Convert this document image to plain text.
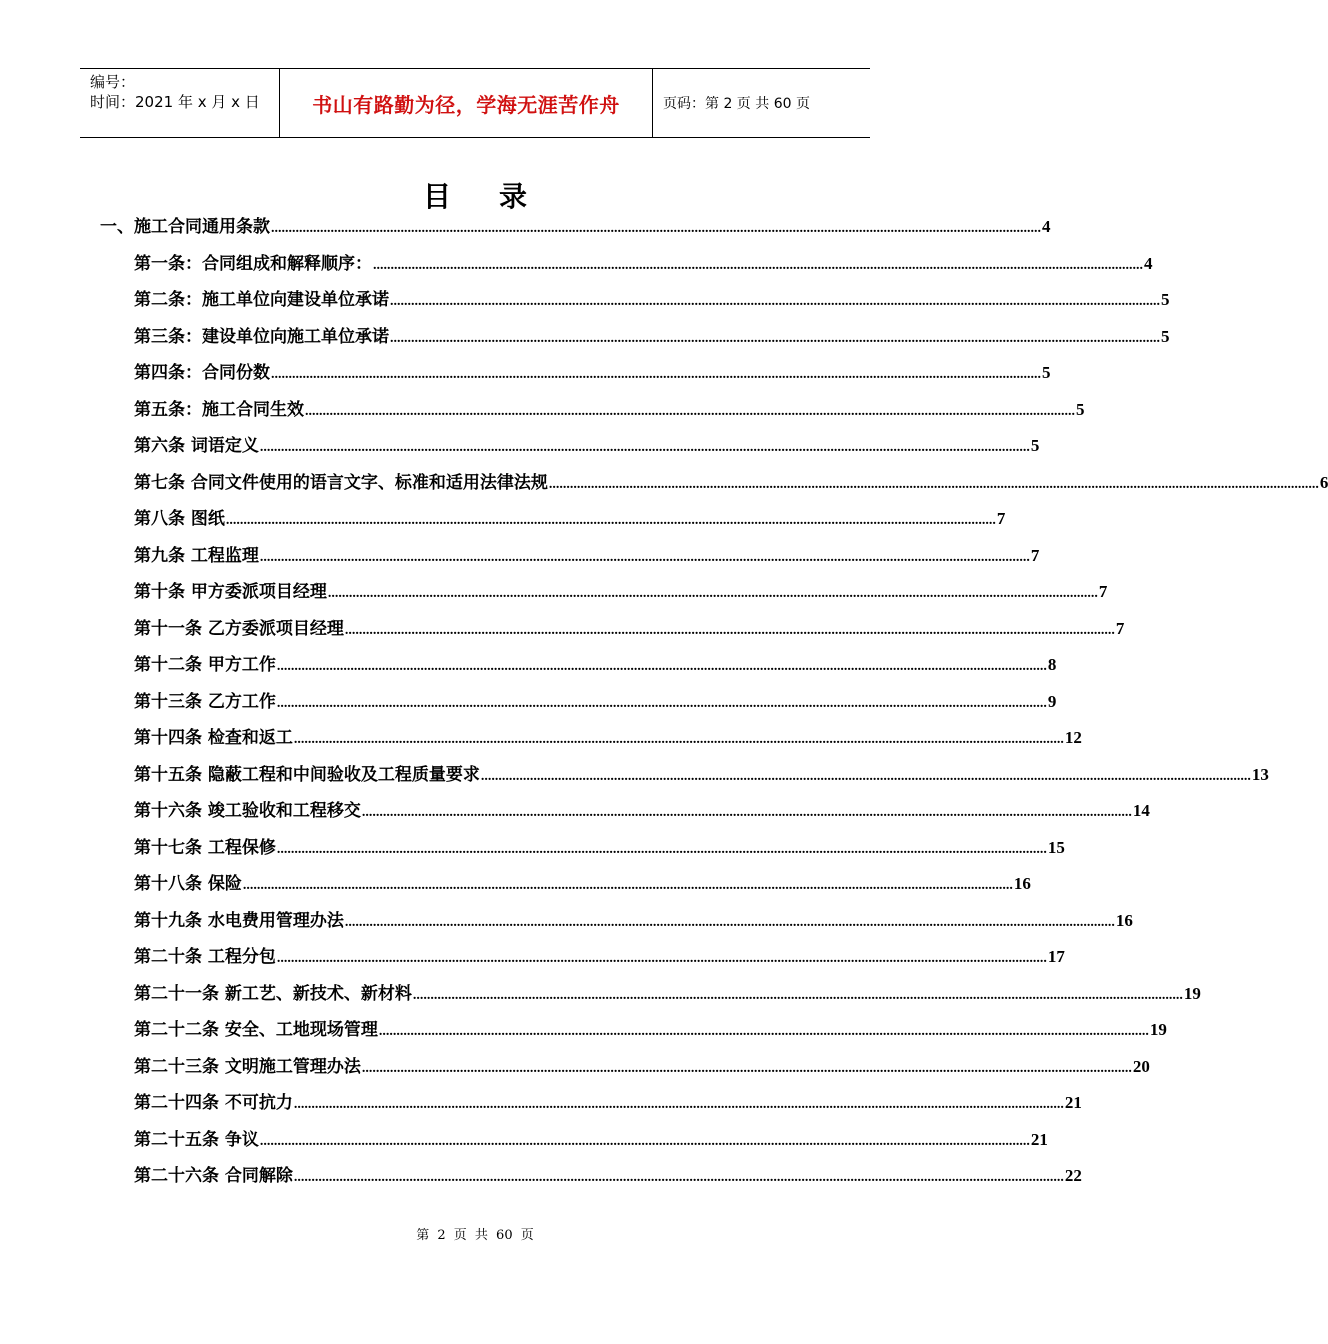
编号：
时间：2021 年 x 月 x 日	书山有路勤为径，学海无涯苦作舟	页码：第 2 页 共 60 页
目录
一、施工合同通用条款 ............................................................................................................................................................................................................................ 4
第一条：合同组成和解释顺序： ............................................................................................................................................................................................................................ 4
第二条：施工单位向建设单位承诺 ............................................................................................................................................................................................................................ 5
第三条：建设单位向施工单位承诺 ............................................................................................................................................................................................................................ 5
第四条：合同份数 ............................................................................................................................................................................................................................ 5
第五条：施工合同生效 ............................................................................................................................................................................................................................ 5
第六条 词语定义 ............................................................................................................................................................................................................................ 5
第七条 合同文件使用的语言文字、标准和适用法律法规 ............................................................................................................................................................................................................................ 6
第八条 图纸 ............................................................................................................................................................................................................................ 7
第九条 工程监理 ............................................................................................................................................................................................................................ 7
第十条 甲方委派项目经理 ............................................................................................................................................................................................................................ 7
第十一条 乙方委派项目经理 ............................................................................................................................................................................................................................ 7
第十二条 甲方工作 ............................................................................................................................................................................................................................ 8
第十三条 乙方工作 ............................................................................................................................................................................................................................ 9
第十四条 检查和返工 ............................................................................................................................................................................................................................ 12
第十五条 隐蔽工程和中间验收及工程质量要求 ............................................................................................................................................................................................................................ 13
第十六条 竣工验收和工程移交 ............................................................................................................................................................................................................................ 14
第十七条 工程保修 ............................................................................................................................................................................................................................ 15
第十八条 保险 ............................................................................................................................................................................................................................ 16
第十九条 水电费用管理办法 ............................................................................................................................................................................................................................ 16
第二十条 工程分包 ............................................................................................................................................................................................................................ 17
第二十一条 新工艺、新技术、新材料 ............................................................................................................................................................................................................................ 19
第二十二条 安全、工地现场管理 ............................................................................................................................................................................................................................ 19
第二十三条 文明施工管理办法 ............................................................................................................................................................................................................................ 20
第二十四条 不可抗力 ............................................................................................................................................................................................................................ 21
第二十五条 争议 ............................................................................................................................................................................................................................ 21
第二十六条 合同解除 ............................................................................................................................................................................................................................ 22
第 2 页 共 60 页
